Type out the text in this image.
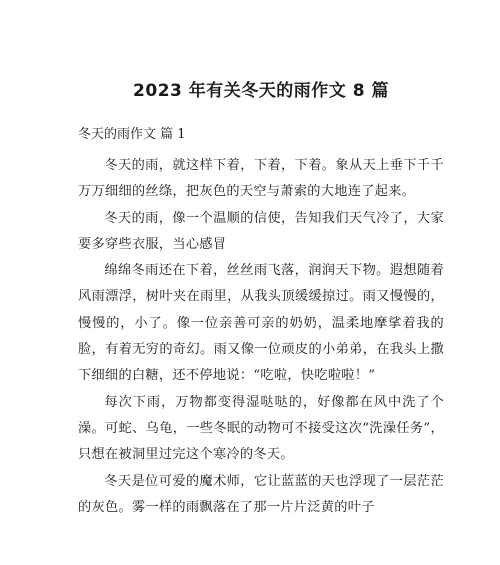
2023 年有关冬天的雨作文 8 篇
冬天的雨作文 篇 1

冬天的雨，就这样下着，下着，下着。象从天上垂下千千万万细细的丝绦，把灰色的天空与萧索的大地连了起来。

冬天的雨，像一个温顺的信使，告知我们天气冷了，大家要多穿些衣服，当心感冒

绵绵冬雨还在下着，丝丝雨飞落，润润天下物。遐想随着风雨漂浮，树叶夹在雨里，从我头顶缓缓掠过。雨又慢慢的，慢慢的，小了。像一位亲善可亲的奶奶，温柔地摩挲着我的脸，有着无穷的奇幻。雨又像一位顽皮的小弟弟，在我头上撒下细细的白糖，还不停地说：“吃啦，快吃啦啦！”

每次下雨，万物都变得湿哒哒的，好像都在风中洗了个澡。可蛇、乌龟，一些冬眠的动物可不接受这次“洗澡任务”，只想在被洞里过完这个寒冷的冬天。

冬天是位可爱的魔术师，它让蓝蓝的天也浮现了一层茫茫的灰色。雾一样的雨飘落在了那一片片泛黄的叶子
